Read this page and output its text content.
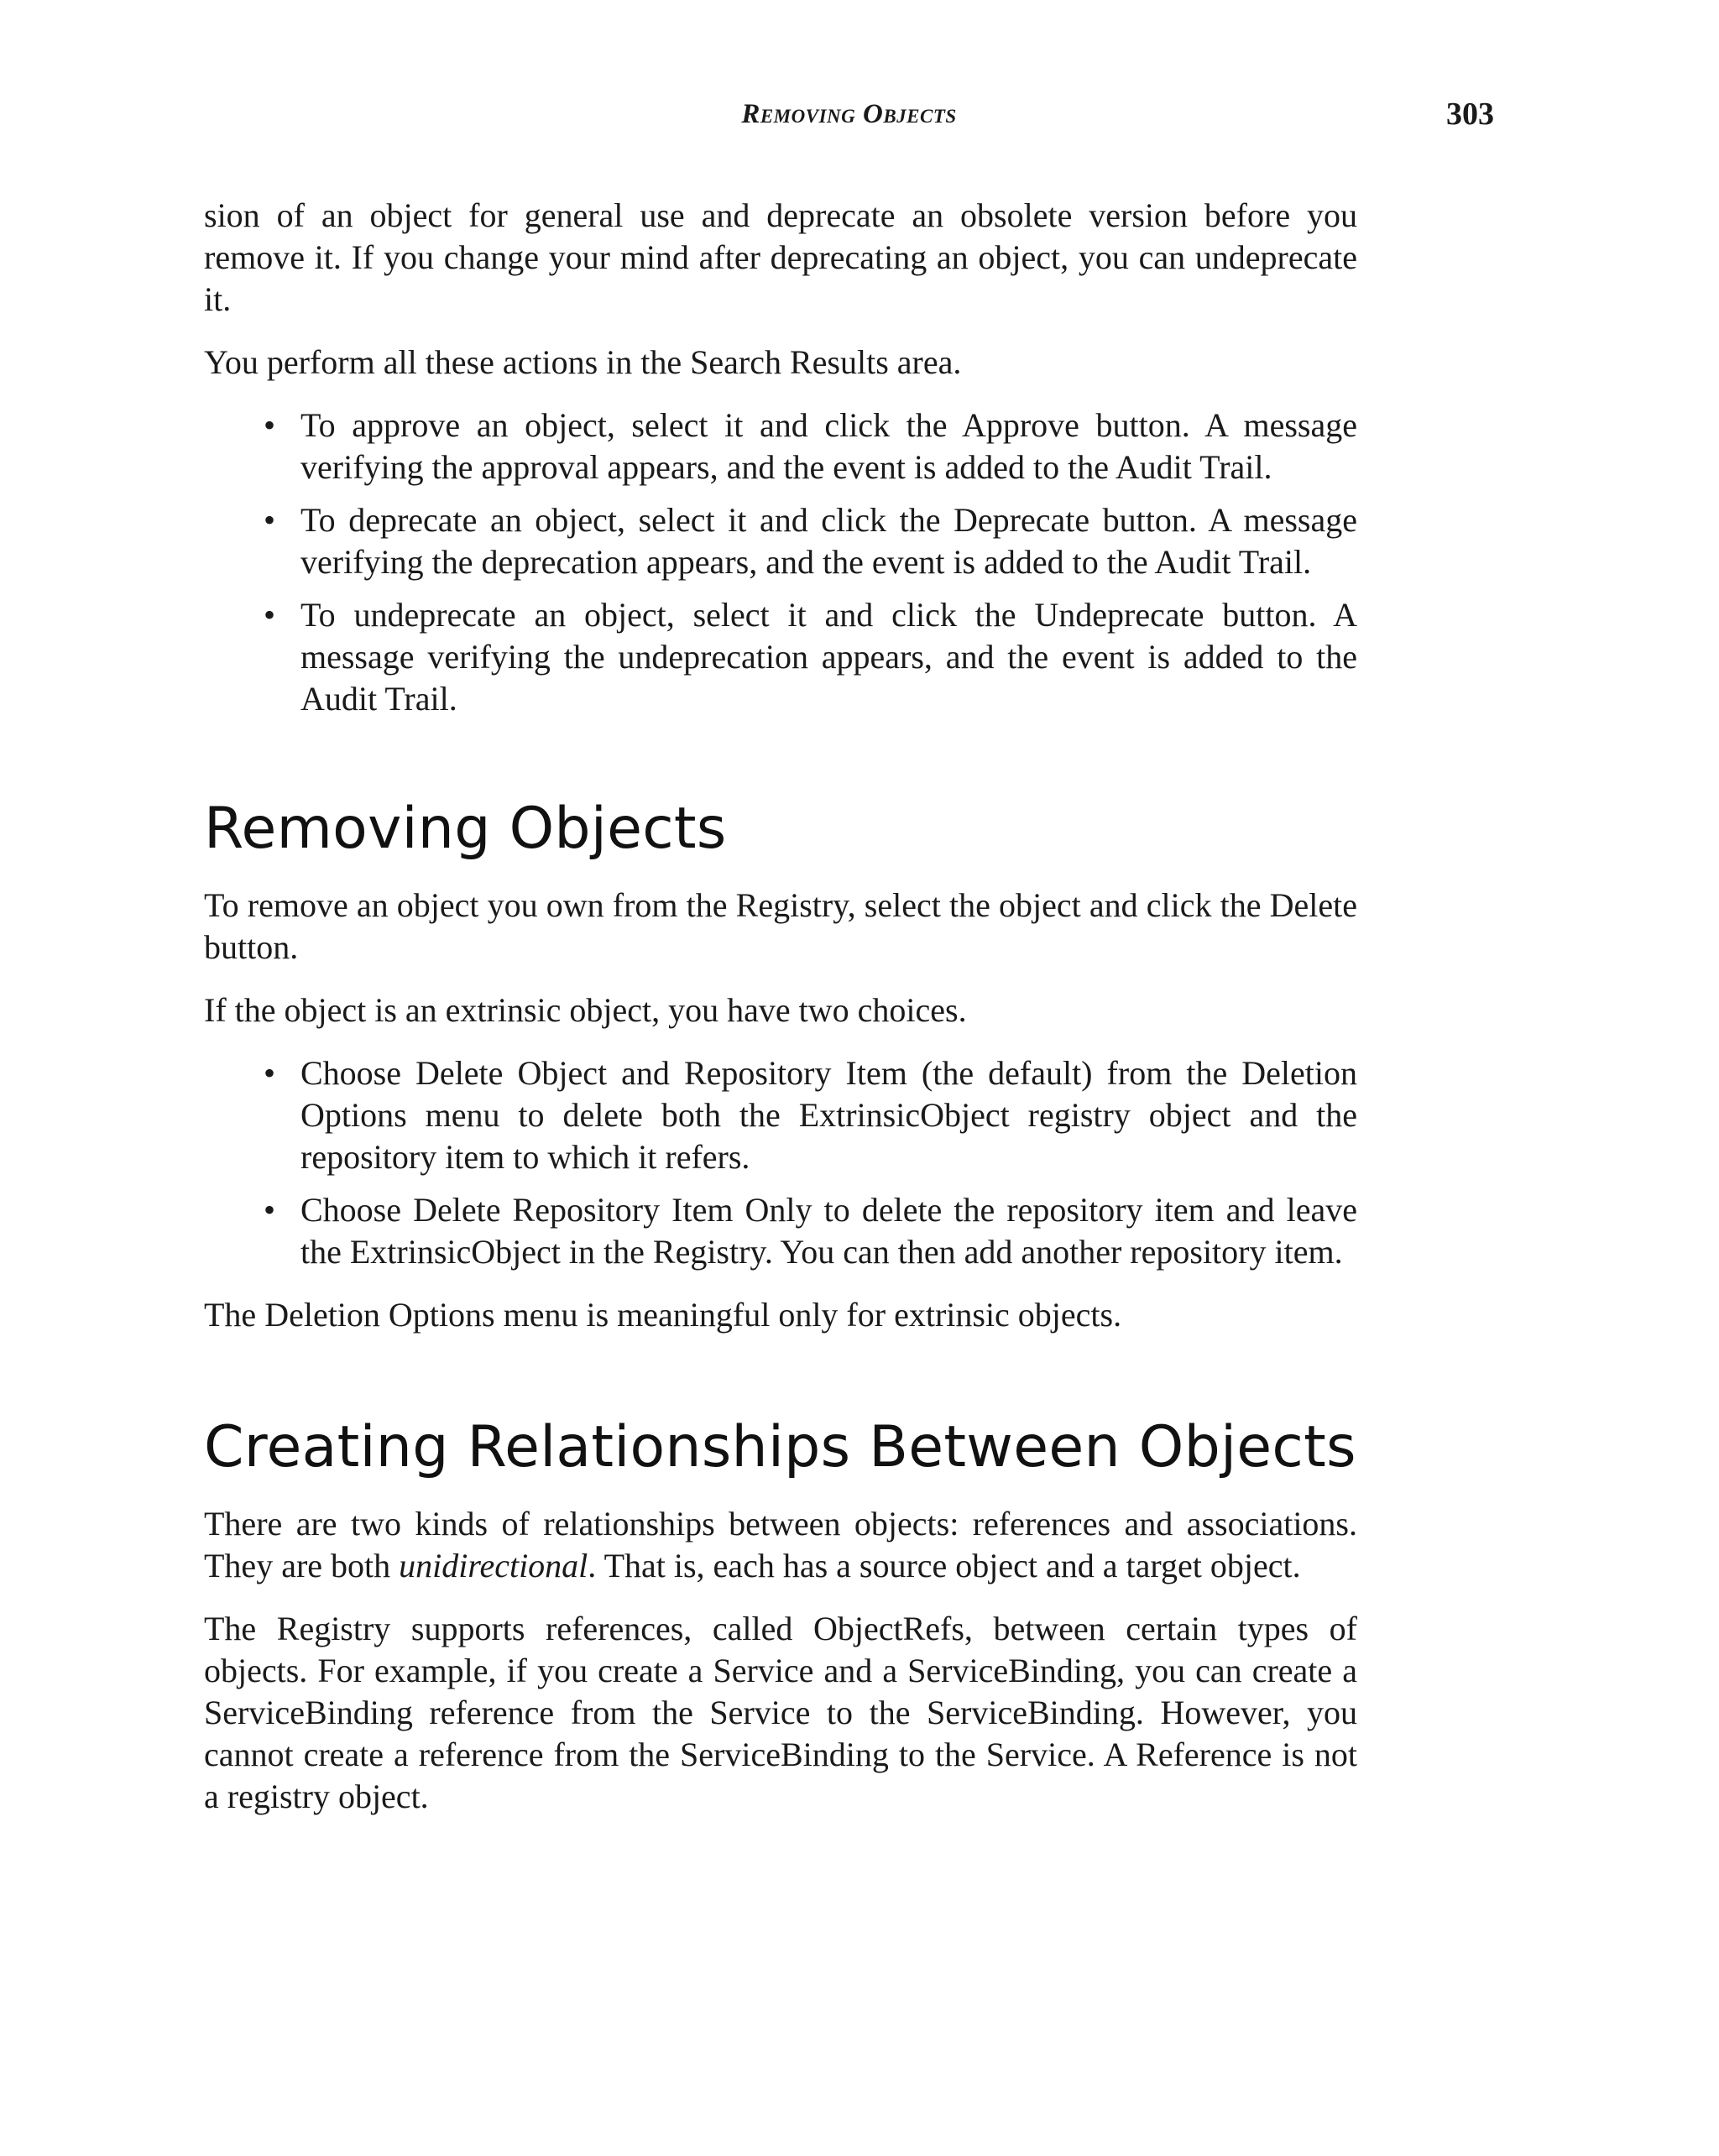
Removing Objects	303

sion of an object for general use and deprecate an obsolete version before you remove it. If you change your mind after deprecating an object, you can undeprecate it.

You perform all these actions in the Search Results area.

• To approve an object, select it and click the Approve button. A message verifying the approval appears, and the event is added to the Audit Trail.
• To deprecate an object, select it and click the Deprecate button. A message verifying the deprecation appears, and the event is added to the Audit Trail.
• To undeprecate an object, select it and click the Undeprecate button. A message verifying the undeprecation appears, and the event is added to the Audit Trail.
Removing Objects

To remove an object you own from the Registry, select the object and click the Delete button.

If the object is an extrinsic object, you have two choices.

• Choose Delete Object and Repository Item (the default) from the Deletion Options menu to delete both the ExtrinsicObject registry object and the repository item to which it refers.
• Choose Delete Repository Item Only to delete the repository item and leave the ExtrinsicObject in the Registry. You can then add another repository item.

The Deletion Options menu is meaningful only for extrinsic objects.

Creating Relationships Between Objects

There are two kinds of relationships between objects: references and associations. They are both unidirectional. That is, each has a source object and a target object.

The Registry supports references, called ObjectRefs, between certain types of objects. For example, if you create a Service and a ServiceBinding, you can create a ServiceBinding reference from the Service to the ServiceBinding. However, you cannot create a reference from the ServiceBinding to the Service. A Reference is not a registry object.
